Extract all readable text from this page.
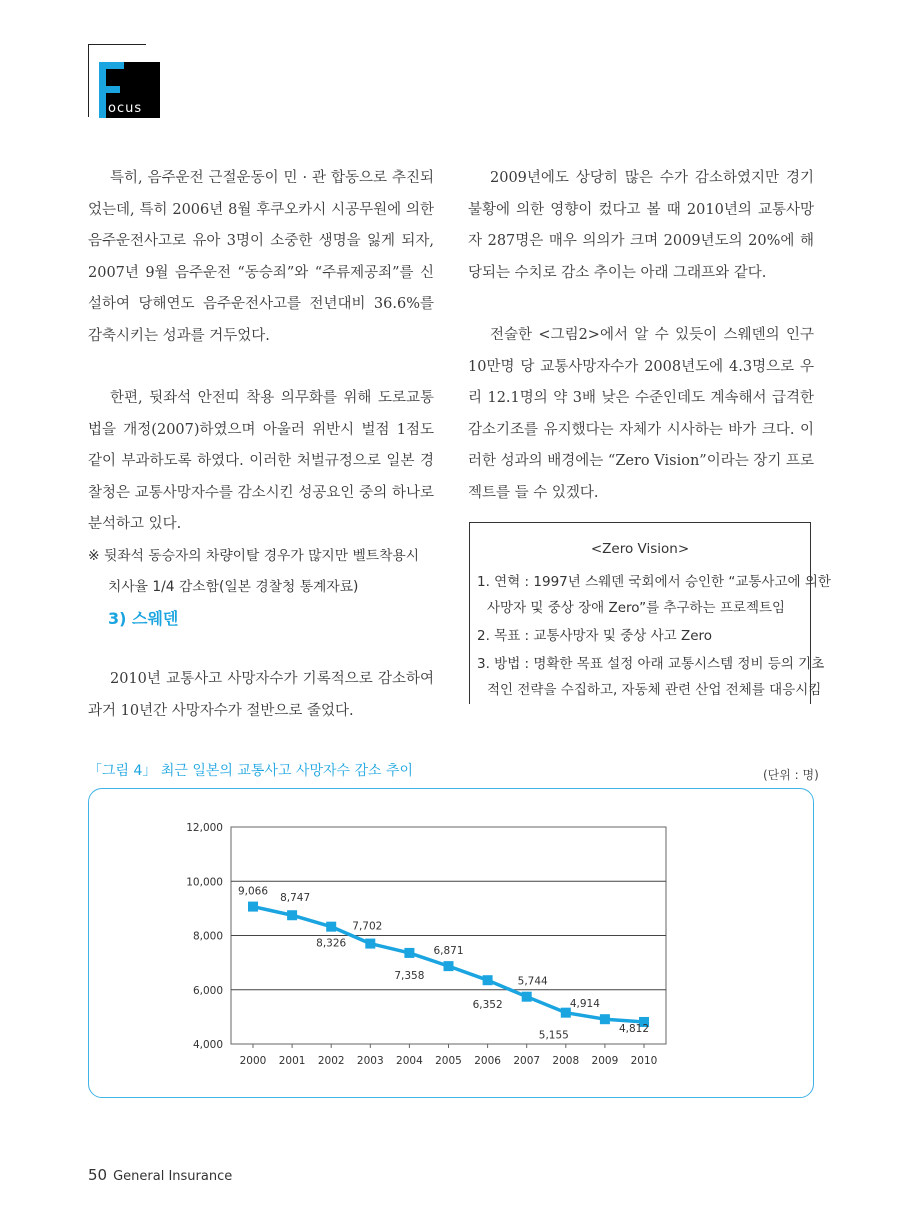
ocus

특히, 음주운전 근절운동이 민 · 관 합동으로 추진되었는데, 특히 2006년 8월 후쿠오카시 시공무원에 의한 음주운전사고로 유아 3명이 소중한 생명을 잃게 되자, 2007년 9월 음주운전 “동승죄”와 “주류제공죄”를 신설하여 당해연도 음주운전사고를 전년대비 36.6%를 감축시키는 성과를 거두었다.

한편, 뒷좌석 안전띠 착용 의무화를 위해 도로교통법을 개정(2007)하였으며 아울러 위반시 벌점 1점도 같이 부과하도록 하였다. 이러한 처벌규정으로 일본 경찰청은 교통사망자수를 감소시킨 성공요인 중의 하나로 분석하고 있다.

※ 뒷좌석 동승자의 차량이탈 경우가 많지만 벨트착용시
치사율 1/4 감소함(일본 경찰청 통계자료)
3) 스웨덴

2010년 교통사고 사망자수가 기록적으로 감소하여 과거 10년간 사망자수가 절반으로 줄었다.

2009년에도 상당히 많은 수가 감소하였지만 경기불황에 의한 영향이 컸다고 볼 때 2010년의 교통사망자 287명은 매우 의의가 크며 2009년도의 20%에 해당되는 수치로 감소 추이는 아래 그래프와 같다.

전술한 <그림2>에서 알 수 있듯이 스웨덴의 인구 10만명 당 교통사망자수가 2008년도에 4.3명으로 우리 12.1명의 약 3배 낮은 수준인데도 계속해서 급격한 감소기조를 유지했다는 자체가 시사하는 바가 크다. 이러한 성과의 배경에는 “Zero Vision”이라는 장기 프로젝트를 들 수 있겠다.

<Zero Vision>
1. 연혁 : 1997년 스웨덴 국회에서 승인한 “교통사고에 의한
사망자 및 중상 장애 Zero”를 추구하는 프로젝트임
2. 목표 : 교통사망자 및 중상 사고 Zero
3. 방법 : 명확한 목표 설정 아래 교통시스템 정비 등의 기초
적인 전략을 수집하고, 자동체 관련 산업 전체를 대응시킴
「그림 4」 최근 일본의 교통사고 사망자수 감소 추이	(단위 : 명)
4,000
6,000
8,000
10,000
12,000
2000 2001 2002 2003 2004 2005 2006 2007 2008 2009 2010
9,066
8,747
8,326
7,702
7,358
6,871
6,352
5,744
5,155
4,914
4,812
50 General Insurance
